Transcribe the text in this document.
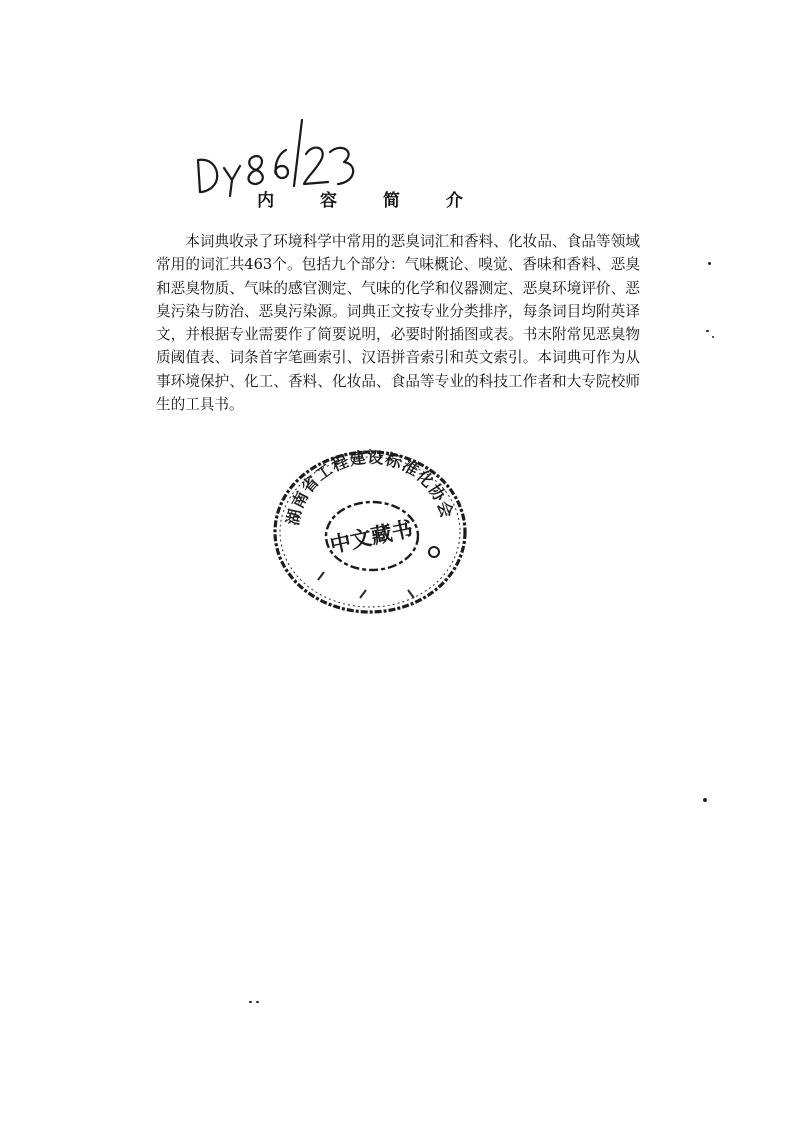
内 容 简 介

本词典收录了环境科学中常用的恶臭词汇和香料、化妆品、食品等领域常用的词汇共463个。包括九个部分：气味概论、嗅觉、香味和香料、恶臭和恶臭物质、气味的感官测定、气味的化学和仪器测定、恶臭环境评价、恶臭污染与防治、恶臭污染源。词典正文按专业分类排序，每条词目均附英译文，并根据专业需要作了简要说明，必要时附插图或表。书末附常见恶臭物质阈值表、词条首字笔画索引、汉语拼音索引和英文索引。本词典可作为从事环境保护、化工、香料、化妆品、食品等专业的科技工作者和大专院校师生的工具书。

湖南省工程建设标准化协会
中文藏书
